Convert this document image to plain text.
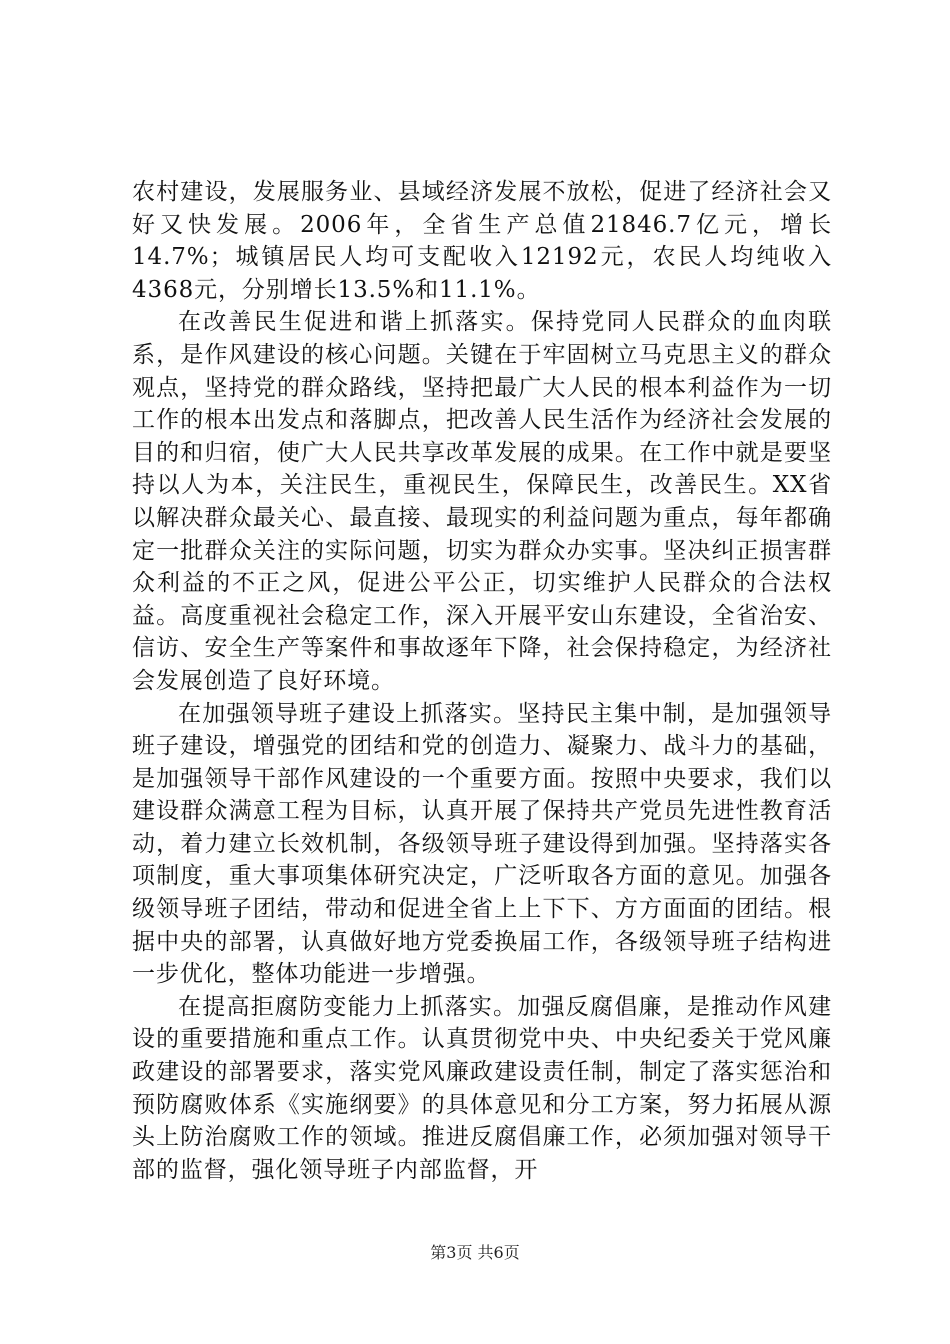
农村建设，发展服务业、县域经济发展不放松，促进了经济社会又好又快发展。2006年，全省生产总值21846.7亿元，增长14.7%；城镇居民人均可支配收入12192元，农民人均纯收入4368元，分别增长13.5%和11.1%。

在改善民生促进和谐上抓落实。保持党同人民群众的血肉联系，是作风建设的核心问题。关键在于牢固树立马克思主义的群众观点，坚持党的群众路线，坚持把最广大人民的根本利益作为一切工作的根本出发点和落脚点，把改善人民生活作为经济社会发展的目的和归宿，使广大人民共享改革发展的成果。在工作中就是要坚持以人为本，关注民生，重视民生，保障民生，改善民生。XX省以解决群众最关心、最直接、最现实的利益问题为重点，每年都确定一批群众关注的实际问题，切实为群众办实事。坚决纠正损害群众利益的不正之风，促进公平公正，切实维护人民群众的合法权益。高度重视社会稳定工作，深入开展平安山东建设，全省治安、信访、安全生产等案件和事故逐年下降，社会保持稳定，为经济社会发展创造了良好环境。

在加强领导班子建设上抓落实。坚持民主集中制，是加强领导班子建设，增强党的团结和党的创造力、凝聚力、战斗力的基础，是加强领导干部作风建设的一个重要方面。按照中央要求，我们以建设群众满意工程为目标，认真开展了保持共产党员先进性教育活动，着力建立长效机制，各级领导班子建设得到加强。坚持落实各项制度，重大事项集体研究决定，广泛听取各方面的意见。加强各级领导班子团结，带动和促进全省上上下下、方方面面的团结。根据中央的部署，认真做好地方党委换届工作，各级领导班子结构进一步优化，整体功能进一步增强。

在提高拒腐防变能力上抓落实。加强反腐倡廉，是推动作风建设的重要措施和重点工作。认真贯彻党中央、中央纪委关于党风廉政建设的部署要求，落实党风廉政建设责任制，制定了落实惩治和预防腐败体系《实施纲要》的具体意见和分工方案，努力拓展从源头上防治腐败工作的领域。推进反腐倡廉工作，必须加强对领导干部的监督，强化领导班子内部监督，开

第3页 共6页
